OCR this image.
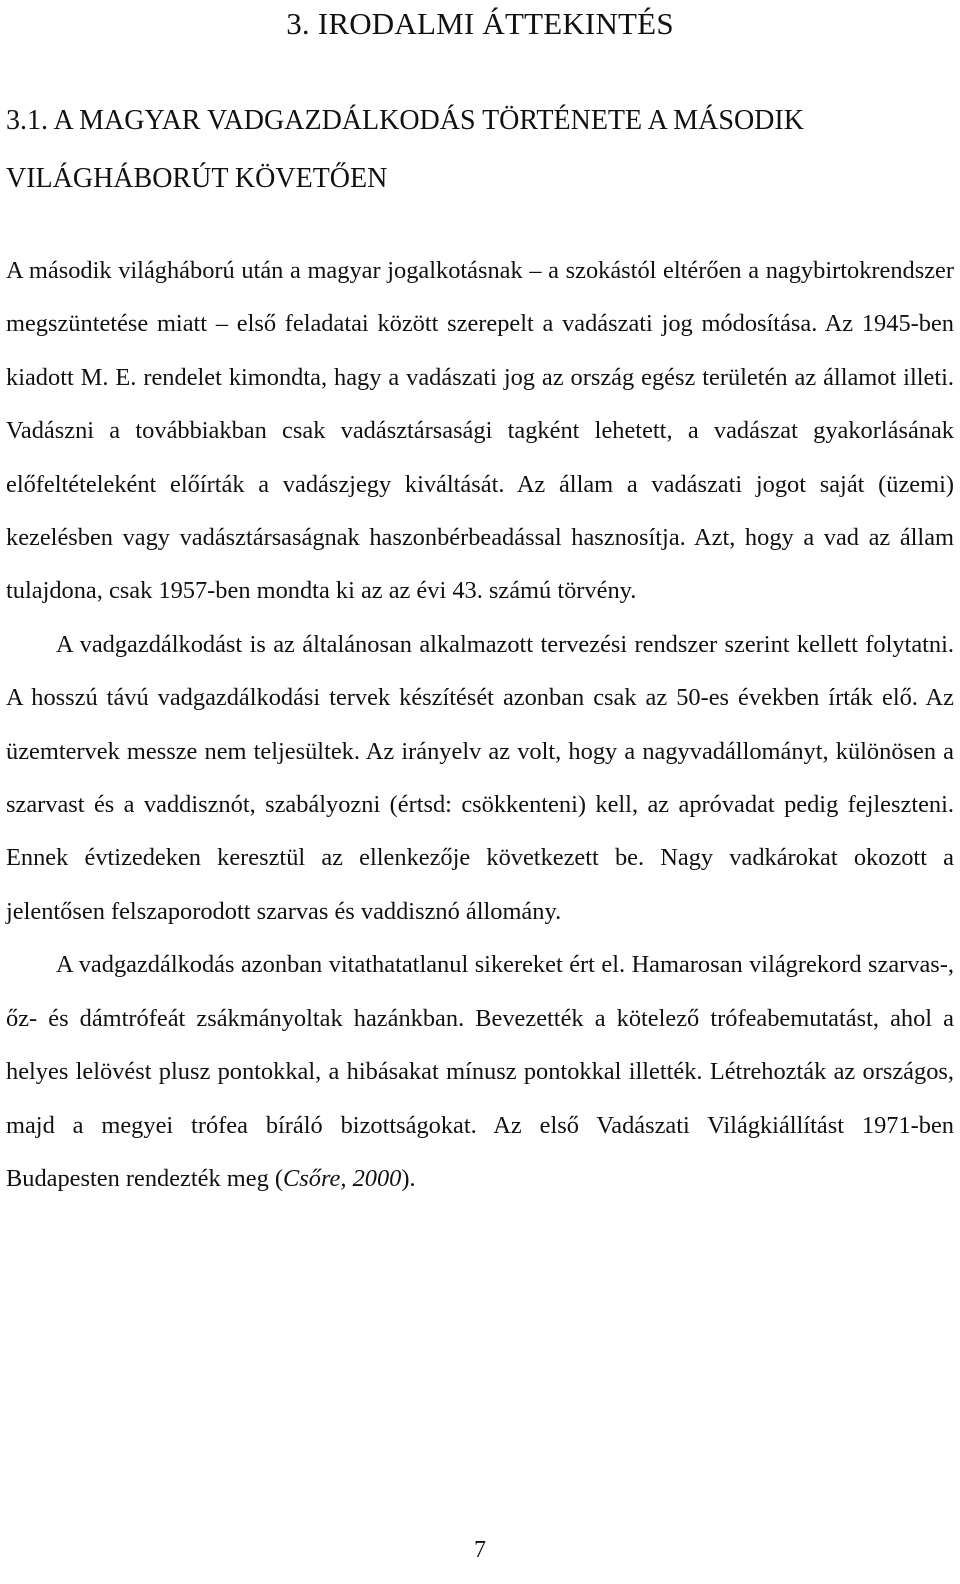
3. IRODALMI ÁTTEKINTÉS
3.1. A MAGYAR VADGAZDÁLKODÁS TÖRTÉNETE A MÁSODIK VILÁGHÁBORÚT KÖVETŐEN

A második világháború után a magyar jogalkotásnak – a szokástól eltérően a nagybirtokrendszer megszüntetése miatt – első feladatai között szerepelt a vadászati jog módosítása. Az 1945-ben kiadott M. E. rendelet kimondta, hagy a vadászati jog az ország egész területén az államot illeti. Vadászni a továbbiakban csak vadásztársasági tagként lehetett, a vadászat gyakorlásának előfeltételeként előírták a vadászjegy kiváltását. Az állam a vadászati jogot saját (üzemi) kezelésben vagy vadásztársaságnak haszonbérbeadással hasznosítja. Azt, hogy a vad az állam tulajdona, csak 1957-ben mondta ki az az évi 43. számú törvény.

A vadgazdálkodást is az általánosan alkalmazott tervezési rendszer szerint kellett folytatni. A hosszú távú vadgazdálkodási tervek készítését azonban csak az 50-es években írták elő. Az üzemtervek messze nem teljesültek. Az irányelv az volt, hogy a nagyvadállományt, különösen a szarvast és a vaddisznót, szabályozni (értsd: csökkenteni) kell, az apróvadat pedig fejleszteni. Ennek évtizedeken keresztül az ellenkezője következett be. Nagy vadkárokat okozott a jelentősen felszaporodott szarvas és vaddisznó állomány.

A vadgazdálkodás azonban vitathatatlanul sikereket ért el. Hamarosan világrekord szarvas-, őz- és dámtrófeát zsákmányoltak hazánkban. Bevezették a kötelező trófeabemutatást, ahol a helyes lelövést plusz pontokkal, a hibásakat mínusz pontokkal illették. Létrehozták az országos, majd a megyei trófea bíráló bizottságokat. Az első Vadászati Világkiállítást 1971-ben Budapesten rendezték meg (Csőre, 2000).

7
